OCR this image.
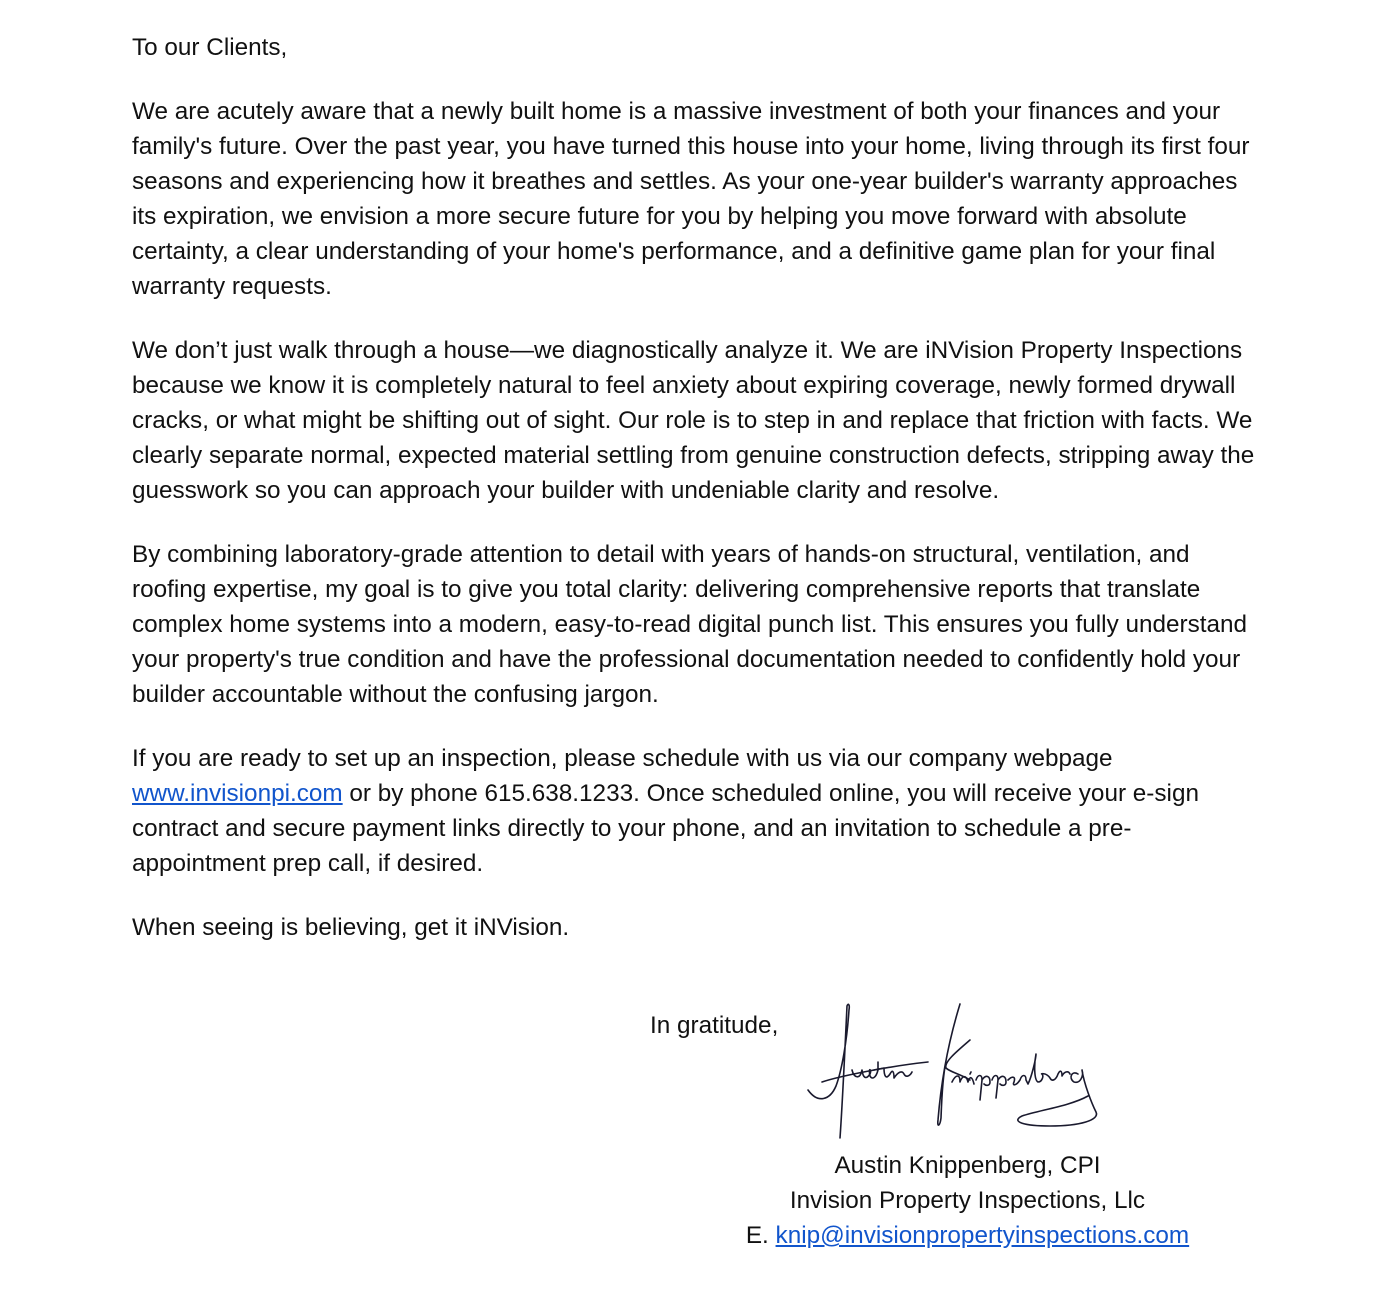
To our Clients,

We are acutely aware that a newly built home is a massive investment of both your finances and your family's future. Over the past year, you have turned this house into your home, living through its first four seasons and experiencing how it breathes and settles. As your one-year builder's warranty approaches its expiration, we envision a more secure future for you by helping you move forward with absolute certainty, a clear understanding of your home's performance, and a definitive game plan for your final warranty requests.

We don’t just walk through a house—we diagnostically analyze it. We are iNVision Property Inspections because we know it is completely natural to feel anxiety about expiring coverage, newly formed drywall cracks, or what might be shifting out of sight. Our role is to step in and replace that friction with facts. We clearly separate normal, expected material settling from genuine construction defects, stripping away the guesswork so you can approach your builder with undeniable clarity and resolve.

By combining laboratory-grade attention to detail with years of hands-on structural, ventilation, and roofing expertise, my goal is to give you total clarity: delivering comprehensive reports that translate complex home systems into a modern, easy-to-read digital punch list. This ensures you fully understand your property's true condition and have the professional documentation needed to confidently hold your builder accountable without the confusing jargon.

If you are ready to set up an inspection, please schedule with us via our company webpage www.invisionpi.com or by phone 615.638.1233. Once scheduled online, you will receive your e-sign contract and secure payment links directly to your phone, and an invitation to schedule a pre-appointment prep call, if desired.

When seeing is believing, get it iNVision.

In gratitude,
Austin Knippenberg, CPI
Invision Property Inspections, Llc
E. knip@invisionpropertyinspections.com
